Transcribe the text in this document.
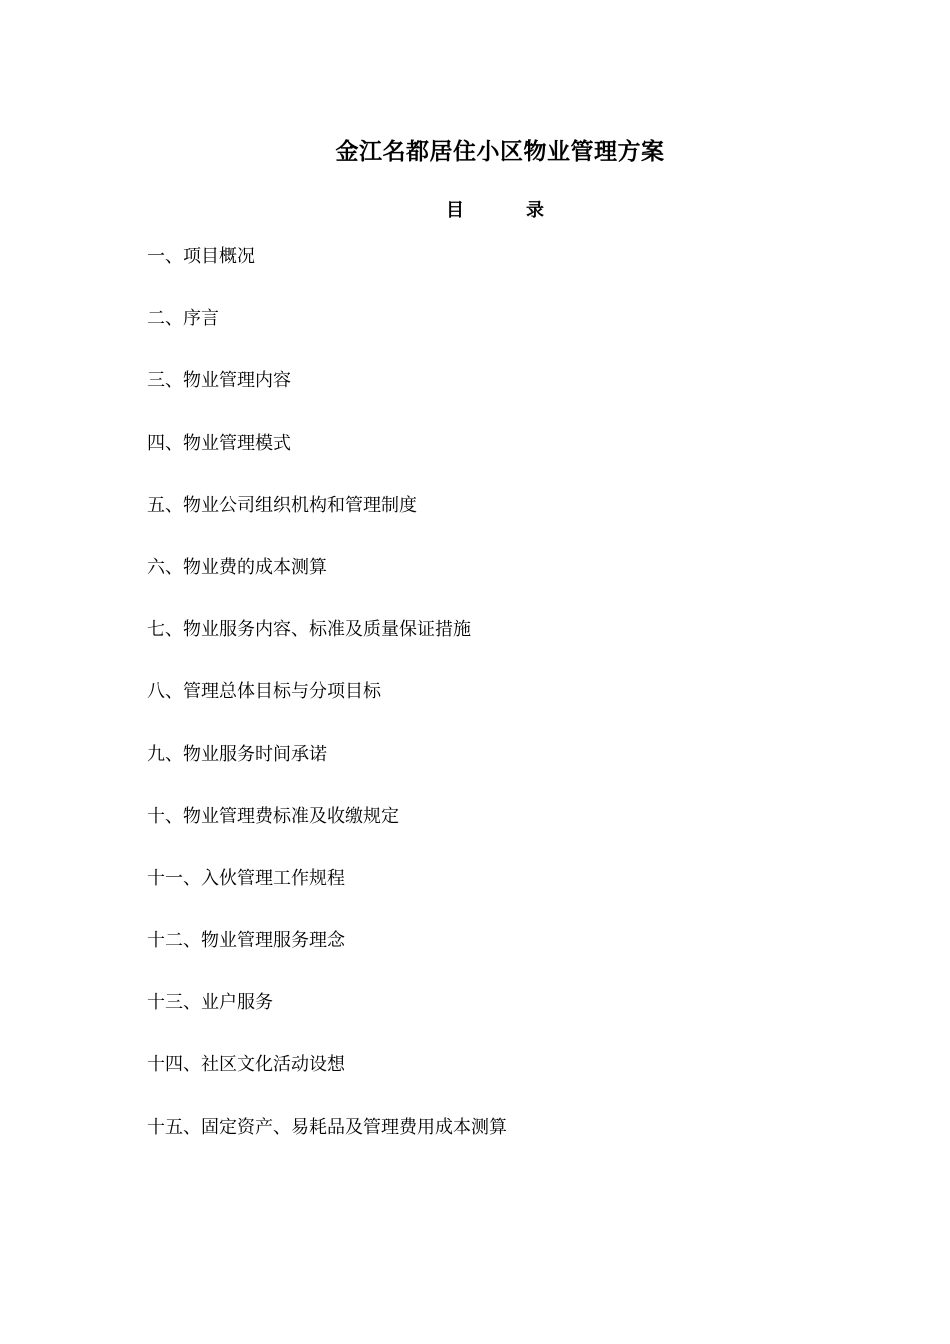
金江名都居住小区物业管理方案
目	录
一、项目概况
二、序言
三、物业管理内容
四、物业管理模式
五、物业公司组织机构和管理制度
六、物业费的成本测算
七、物业服务内容、标准及质量保证措施
八、管理总体目标与分项目标
九、物业服务时间承诺
十、物业管理费标准及收缴规定
十一、入伙管理工作规程
十二、物业管理服务理念
十三、业户服务
十四、社区文化活动设想
十五、固定资产、易耗品及管理费用成本测算
